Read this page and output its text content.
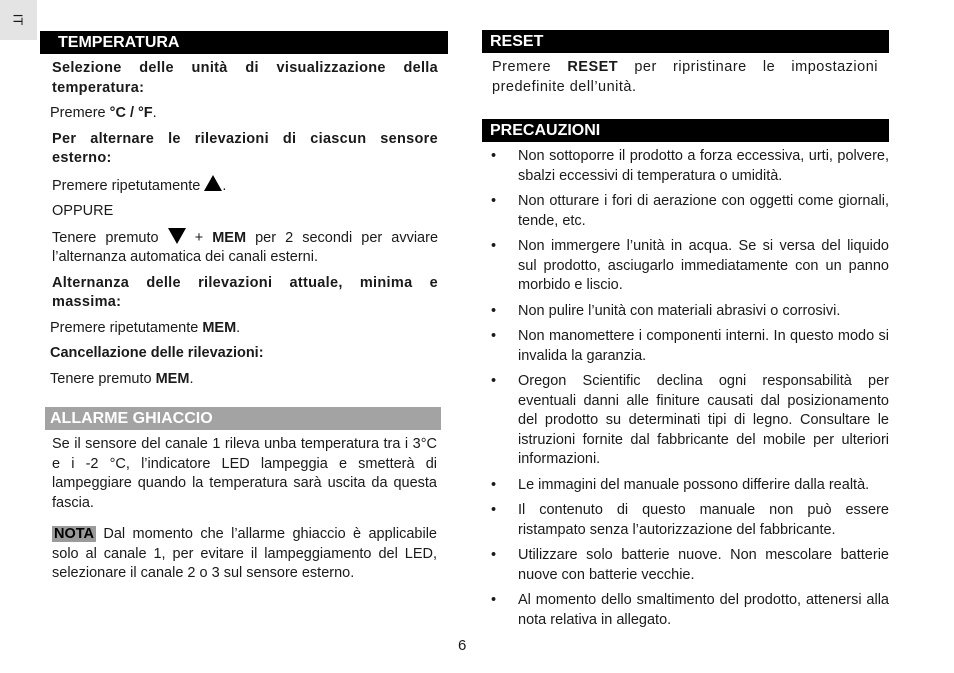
IT
TEMPERATURA

Selezione delle unità di visualizzazione della temperatura:

Premere °C / °F.

Per alternare le rilevazioni di ciascun sensore esterno:

Premere ripetutamente .

OPPURE

Tenere premuto  + MEM per 2 secondi per avviare l’alternanza automatica dei canali esterni.

Alternanza delle rilevazioni attuale, minima e massima:

Premere ripetutamente MEM.

Cancellazione delle rilevazioni:

Tenere premuto MEM.

ALLARME GHIACCIO

Se il sensore del canale 1 rileva unba temperatura tra i 3°C e i -2 °C, l’indicatore LED lampeggia e smetterà di lampeggiare quando la temperatura sarà uscita da questa fascia.

NOTA Dal momento che l’allarme ghiaccio è applicabile solo al canale 1, per evitare il lampeggiamento del LED, selezionare il canale 2 o 3 sul sensore esterno.

RESET

Premere RESET per ripristinare le impostazioni predefinite dell’unità.

PRECAUZIONI
• Non sottoporre il prodotto a forza eccessiva, urti, polvere, sbalzi eccessivi di temperatura o umidità.

• Non otturare i fori di aerazione con oggetti come giornali, tende, etc.

• Non immergere l’unità in acqua. Se si versa del liquido sul prodotto, asciugarlo immediatamente con un panno morbido e liscio.

• Non pulire l’unità con materiali abrasivi o corrosivi.

• Non manomettere i componenti interni. In questo modo si invalida la garanzia.

• Oregon Scientific declina ogni responsabilità per eventuali danni alle finiture causati dal posizionamento del prodotto su determinati tipi di legno. Consultare le istruzioni fornite dal fabbricante del mobile per ulteriori informazioni.

• Le immagini del manuale possono differire dalla realtà.

• Il contenuto di questo manuale non può essere ristampato senza l’autorizzazione del fabbricante.

• Utilizzare solo batterie nuove. Non mescolare batterie nuove con batterie vecchie.

• Al momento dello smaltimento del prodotto, attenersi alla nota relativa in allegato.

6
